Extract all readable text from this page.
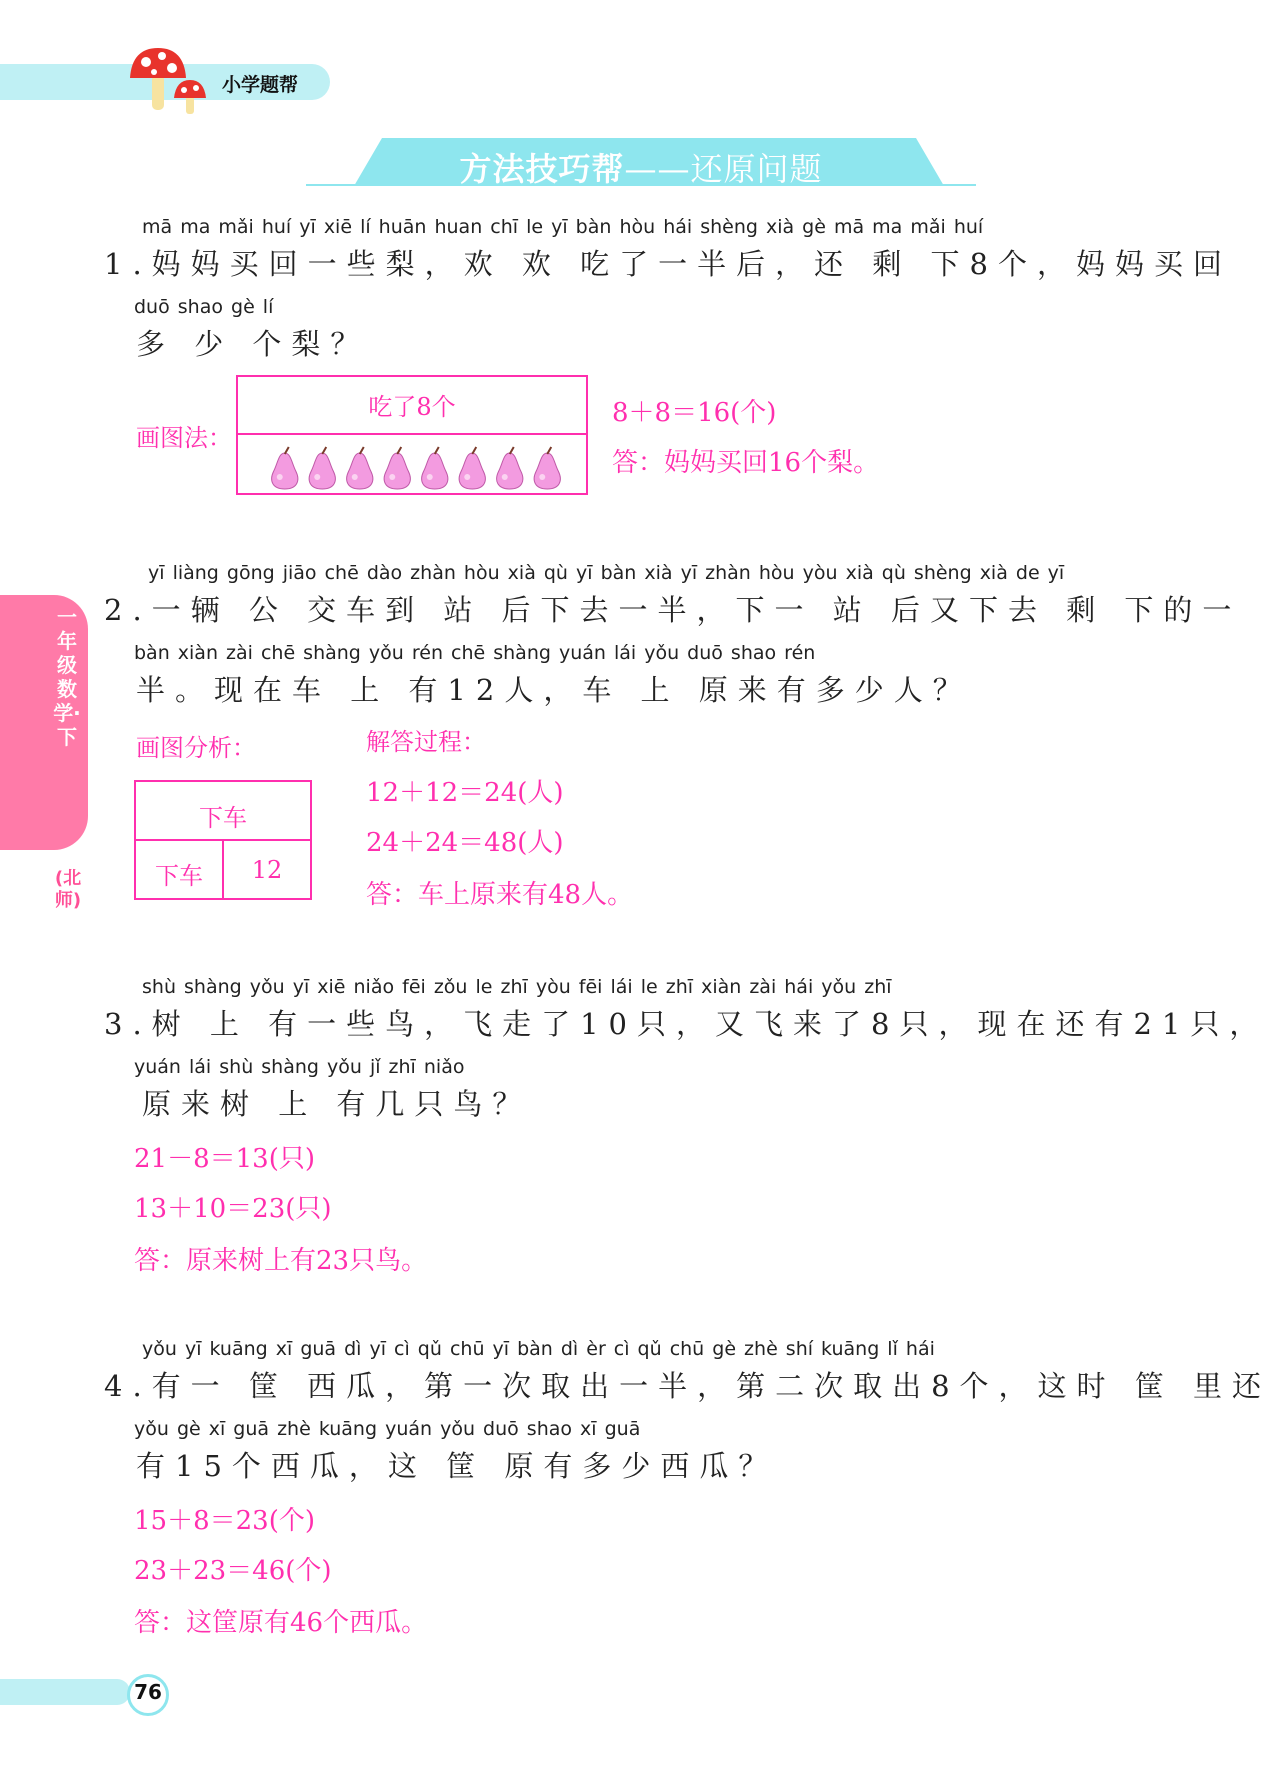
小学题帮
方法技巧帮——还原问题
一年级数学·下
(北师)
mā ma mǎi huí yī xiē lí huān huan chī le yī bàn hòu hái shèng xià gè mā ma mǎi huí
1.妈妈买回一些梨，欢 欢 吃了一半后，还 剩 下8个，妈妈买回
duō shao gè lí
多 少 个梨？
画图法：
吃了8个	8＋8＝16(个)
答：妈妈买回16个梨。
yī liàng gōng jiāo chē dào zhàn hòu xià qù yī bàn xià yī zhàn hòu yòu xià qù shèng xià de yī
2.一辆 公 交车到 站 后下去一半，下一 站 后又下去 剩 下的一
bàn xiàn zài chē shàng yǒu rén chē shàng yuán lái yǒu duō shao rén
半。现在车 上 有12人，车 上 原来有多少人？
画图分析：
下车
下车	12
解答过程：
12＋12＝24(人)
24＋24＝48(人)
答：车上原来有48人。
shù shàng yǒu yī xiē niǎo fēi zǒu le zhī yòu fēi lái le zhī xiàn zài hái yǒu zhī
3.树 上 有一些鸟，飞走了10只，又飞来了8只，现在还有21只，
yuán lái shù shàng yǒu jǐ zhī niǎo
原来树 上 有几只鸟？
21－8＝13(只)
13＋10＝23(只)
答：原来树上有23只鸟。
yǒu yī kuāng xī guā dì yī cì qǔ chū yī bàn dì èr cì qǔ chū gè zhè shí kuāng lǐ hái
4.有一 筐 西瓜，第一次取出一半，第二次取出8个，这时 筐 里还
yǒu gè xī guā zhè kuāng yuán yǒu duō shao xī guā
有15个西瓜，这 筐 原有多少西瓜？
15＋8＝23(个)
23＋23＝46(个)
答：这筐原有46个西瓜。
76
